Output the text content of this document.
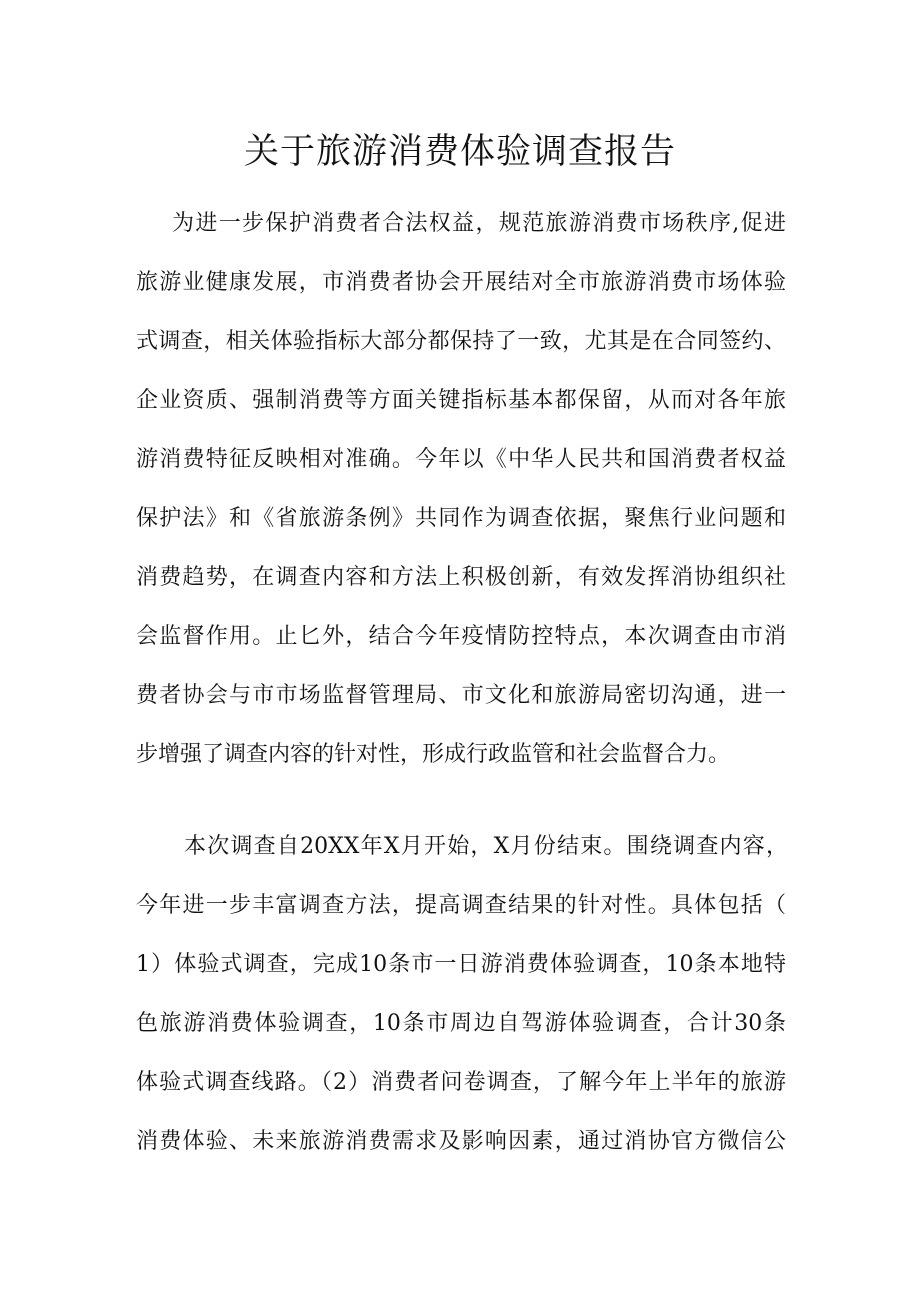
关于旅游消费体验调查报告

为进一步保护消费者合法权益，规范旅游消费市场秩序,促进

旅游业健康发展，市消费者协会开展结对全市旅游消费市场体验

式调查，相关体验指标大部分都保持了一致，尤其是在合同签约、

企业资质、强制消费等方面关键指标基本都保留，从而对各年旅

游消费特征反映相对准确。今年以《中华人民共和国消费者权益

保护法》和《省旅游条例》共同作为调查依据，聚焦行业问题和

消费趋势，在调查内容和方法上积极创新，有效发挥消协组织社

会监督作用。止匕外，结合今年疫情防控特点，本次调查由市消

费者协会与市市场监督管理局、市文化和旅游局密切沟通，进一

步增强了调查内容的针对性，形成行政监管和社会监督合力。

本次调查自20XX年X月开始，X月份结束。围绕调查内容，

今年进一步丰富调查方法，提高调查结果的针对性。具体包括（

1）体验式调查，完成10条市一日游消费体验调查，10条本地特

色旅游消费体验调查，10条市周边自驾游体验调查，合计30条

体验式调查线路。（2）消费者问卷调查，了解今年上半年的旅游

消费体验、未来旅游消费需求及影响因素，通过消协官方微信公
